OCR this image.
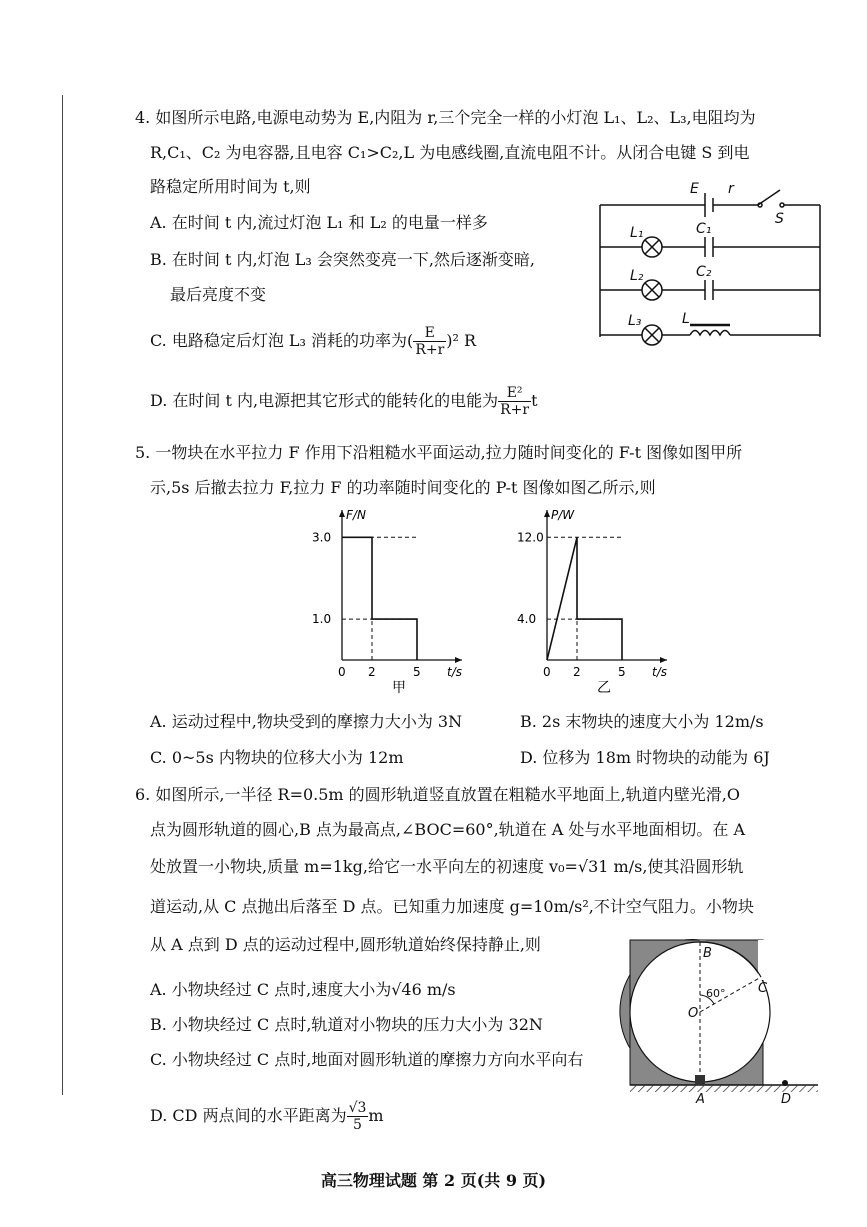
4. 如图所示电路,电源电动势为 E,内阻为 r,三个完全一样的小灯泡 L₁、L₂、L₃,电阻均为
R,C₁、C₂ 为电容器,且电容 C₁>C₂,L 为电感线圈,直流电阻不计。从闭合电键 S 到电
路稳定所用时间为 t,则
A. 在时间 t 内,流过灯泡 L₁ 和 L₂ 的电量一样多
B. 在时间 t 内,灯泡 L₃ 会突然变亮一下,然后逐渐变暗,
最后亮度不变
C. 电路稳定后灯泡 L₃ 消耗的功率为( $\frac{E}{R+r} )^2$ R
D. 在时间 t 内,电源把其它形式的能转化的电能为 $\frac{\text{E²}}{R+r}$ t
E r
S
L₁	C₁
L₂	C₂
L₃	L
5. 一物块在水平拉力 F 作用下沿粗糙水平面运动,拉力随时间变化的 F-t 图像如图甲所
示,5s 后撤去拉力 F,拉力 F 的功率随时间变化的 P-t 图像如图乙所示,则
F/N
t/s
0 2	5
1.0
3.0
甲
P/W
t/s
0 2	5
4.0
12.0
乙
A. 运动过程中,物块受到的摩擦力大小为 3N	B. 2s 末物块的速度大小为 12m/s
C. 0~5s 内物块的位移大小为 12m	D. 位移为 18m 时物块的动能为 6J
6. 如图所示,一半径 R=0.5m 的圆形轨道竖直放置在粗糙水平地面上,轨道内壁光滑,O
点为圆形轨道的圆心,B 点为最高点,∠BOC=60°,轨道在 A 处与水平地面相切。在 A
处放置一小物块,质量 m=1kg,给它一水平向左的初速度 v₀=√31 m/s,使其沿圆形轨
道运动,从 C 点抛出后落至 D 点。已知重力加速度 g=10m/s²,不计空气阻力。小物块
从 A 点到 D 点的运动过程中,圆形轨道始终保持静止,则
A. 小物块经过 C 点时,速度大小为√46 m/s
B. 小物块经过 C 点时,轨道对小物块的压力大小为 32N
C. 小物块经过 C 点时,地面对圆形轨道的摩擦力方向水平向右
D. CD 两点间的水平距离为 $\frac{√3}{5}$ m
B
C
O
A	D
60°
高三物理试题 第 2 页(共 9 页)
